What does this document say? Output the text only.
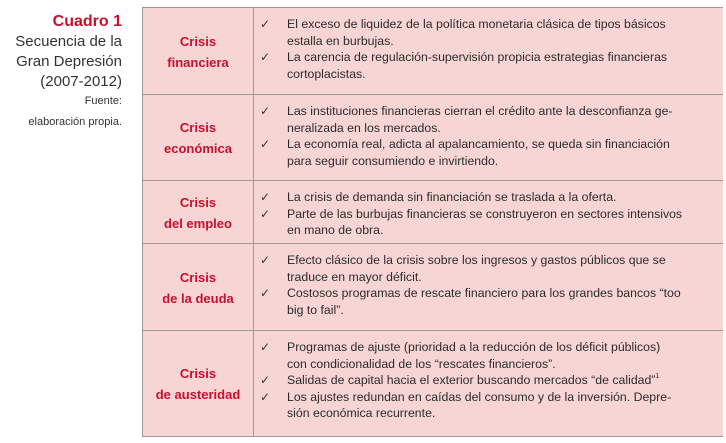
Cuadro 1
Secuencia de la
Gran Depresión
(2007-2012)
Fuente:
elaboración propia.
Crisis
financiera
✓	El exceso de liquidez de la política monetaria clásica de tipos básicos
estalla en burbujas.
✓	La carencia de regulación-supervisión propicia estrategias financieras
cortoplacistas.
Crisis
económica
✓	Las instituciones financieras cierran el crédito ante la desconfianza ge-
neralizada en los mercados.
✓	La economía real, adicta al apalancamiento, se queda sin financiación
para seguir consumiendo e invirtiendo.
Crisis
del empleo
✓	La crisis de demanda sin financiación se traslada a la oferta.
✓	Parte de las burbujas financieras se construyeron en sectores intensivos
en mano de obra.
Crisis
de la deuda
✓	Efecto clásico de la crisis sobre los ingresos y gastos públicos que se
traduce en mayor déficit.
✓	Costosos programas de rescate financiero para los grandes bancos “too
big to fail”.
Crisis
de austeridad
✓	Programas de ajuste (prioridad a la reducción de los déficit públicos)
con condicionalidad de los “rescates financieros”.
✓	Salidas de capital hacia el exterior buscando mercados “de calidad”$^1$
✓	Los ajustes redundan en caídas del consumo y de la inversión. Depre-
sión económica recurrente.
